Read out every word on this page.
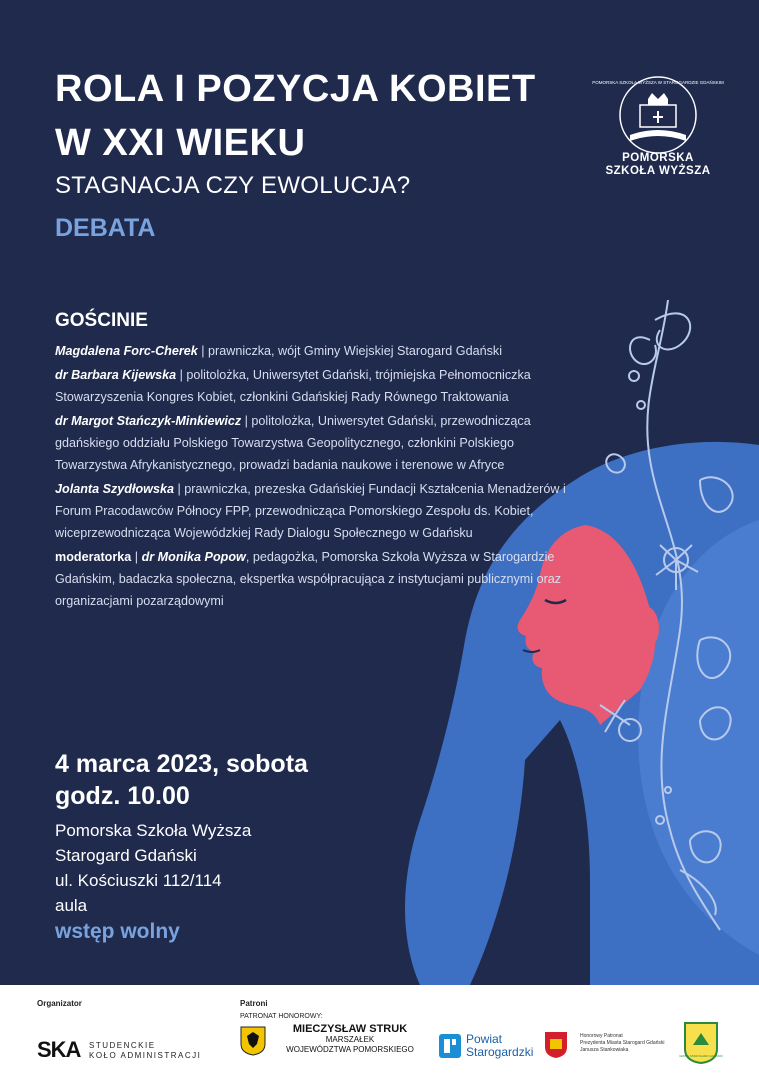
ROLA I POZYCJA KOBIET
W XXI WIEKU
STAGNACJA CZY EWOLUCJA?
DEBATA
POMORSKA SZKOŁA WYŻSZA W STAROGARDZIE GDAŃSKIM
POMORSKA
SZKOŁA WYŻSZA
GOŚCINIE

Magdalena Forc-Cherek | prawniczka, wójt Gminy Wiejskiej Starogard Gdański

dr Barbara Kijewska | politolożka, Uniwersytet Gdański, trójmiejska Pełnomocniczka Stowarzyszenia Kongres Kobiet, członkini Gdańskiej Rady Równego Traktowania

dr Margot Stańczyk-Minkiewicz | politolożka, Uniwersytet Gdański, przewodnicząca gdańskiego oddziału Polskiego Towarzystwa Geopolitycznego, członkini Polskiego Towarzystwa Afrykanistycznego, prowadzi badania naukowe i terenowe w Afryce

Jolanta Szydłowska | prawniczka, prezeska Gdańskiej Fundacji Kształcenia Menadżerów i Forum Pracodawców Północy FPP, przewodnicząca Pomorskiego Zespołu ds. Kobiet, wiceprzewodnicząca Wojewódzkiej Rady Dialogu Społecznego w Gdańsku

moderatorka | dr Monika Popow, pedagożka, Pomorska Szkoła Wyższa w Starogardzie Gdańskim, badaczka społeczna, ekspertka współpracująca z instytucjami publicznymi oraz organizacjami pozarządowymi

4 marca 2023, sobota
godz. 10.00
Pomorska Szkoła Wyższa
Starogard Gdański
ul. Kościuszki 112/114
aula
wstęp wolny
Organizator	Patroni
SKA STUDENCKIE
KOŁO ADMINISTRACJI
PATRONAT HONOROWY:
MIECZYSŁAW STRUK
MARSZAŁEK
WOJEWÓDZTWA POMORSKIEGO
Powiat
Starogardzki
Honorowy Patronat
Prezydenta Miasta Starogard Gdański
Janusza Stankowiaka
GMINA STAROGARD GDAŃSKI
